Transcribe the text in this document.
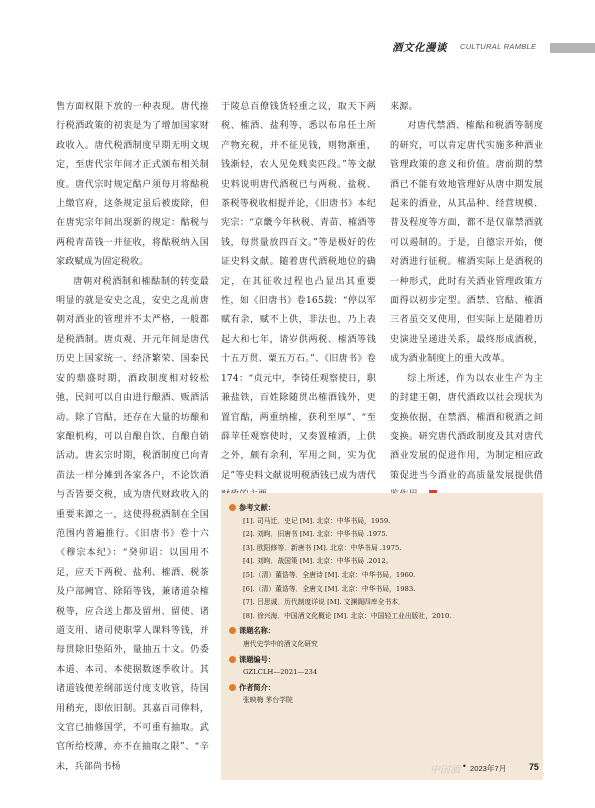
酒文化漫谈 CULTURAL RAMBLE

售方面权限下放的一种表现。唐代推行税酒政策的初衷是为了增加国家财政收入。唐代税酒制度早期无明文规定，至唐代宗年间才正式颁布相关制度。唐代宗时规定酤户须每月将酤税上缴官府，这条规定虽后被废除，但在唐宪宗年间出现新的规定：酤税与两税青苗钱一并征收，将酤税纳入国家政赋成为固定税收。

唐朝对税酒制和榷酤制的转变最明显的就是安史之乱，安史之乱前唐朝对酒业的管理并不太严格，一般都是税酒制。唐贞观、开元年间是唐代历史上国家统一、经济繁荣、国泰民安的鼎盛时期，酒政制度相对较松弛，民间可以自由进行酿酒、贩酒活动。除了官酤，还存在大量的坊酿和家酿机构，可以自酿自饮、自酿自销活动。唐玄宗时期，税酒制度已向青苗法一样分摊到各家各户，不论饮酒与否皆要交税，成为唐代财政收入的重要来源之一，这使得税酒制在全国范围内普遍推行。《旧唐书》卷十六《穆宗本纪》：“癸卯诏：以国用不足，应天下两税、盐利、榷酒、税茶及户部阙官、除陌等钱，兼诸道杂榷税等，应合送上都及留州、留使、诸道支用、诸司使职掌人课料等钱，并每贯除旧垫陌外，量抽五十文。仍委本道、本司、本使据数逐季收计。其诸道钱便差纲部送付度支收管，待国用稍充，即依旧制。其嘉百司俸料，文官已抽修国学，不可重有抽取。武官所给校薄，亦不在抽取之限”、“辛未，兵部尚书杨

于陵总百僚钱货轻重之议，取天下两税、榷酒、盐利等，悉以布帛任土所产物充税，并不征见钱，则物渐重，钱渐轻，农人见免贱卖匹段。”等文献史料说明唐代酒税已与两税、盐税、茶税等税收相提并论，《旧唐书》本纪宪宗：“京畿今年秋税、青苗、榷酒等钱，每贯量放四百文。”等是极好的佐证史料文献。随着唐代酒税地位的确定，在其征收过程也凸显出其重要性，如《旧唐书》卷165载：“停以军赋有余，赋不上供，非法也，乃上表起大和七年，请岁供两税、榷酒等钱十五万贯、粟五万石。”、《旧唐书》卷174：“贞元中，李锜任观察使日，职兼盐铁，百姓除随贯出榷酒钱外，更置官酤，两重纳榷，获利至厚”、“至薛苹任观察使时，又奏置榷酒，上供之外，颇有余利，军用之间，实为优足”等史料文献说明税酒钱已成为唐代

来源。

对唐代禁酒、榷酤和税酒等制度的研究，可以肯定唐代实施多种酒业管理政策的意义和价值。唐前期的禁酒已不能有效地管理好从唐中期发展起来的酒业，从其品种、经营规模、普及程度等方面，都不是仅靠禁酒就可以遏制的。于是，自德宗开始，便对酒进行征税。榷酒实际上是酒税的一种形式，此时有关酒业管理政策方面得以初步定型。酒禁、官酤、榷酒三者虽交叉使用，但实际上是随着历史演进呈递进关系，最终形成酒税，成为酒业制度上的重大改革。

综上所述，作为以农业生产为主的封建王朝，唐代酒政以社会现状为变换依据，在禁酒、榷酒和税酒之间变换。研究唐代酒政制度及其对唐代酒业发展的促进作用，为制定相应政策促进当今酒业的高质量发展提供借

参考文献：
[1]. 司马迁．史记 [M]. 北京：中华书局，1959.
[2]. 刘昫．旧唐书 [M]. 北京：中华书局 .1975.
[3]. 欧阳修等．新唐书 [M]. 北京：中华书局 .1975.
[4]. 刘昫．战国策 [M]. 北京：中华书局 .2012。
[5].（清）董诰等．全唐诗 [M]. 北京：中华书局，1960.
[6].（清）董诰等．全唐文 [M]. 北京：中华书局，1983.
[7]. 吕思诚．历代制度详说 [M]. 文渊阁四库全书本．
[8]. 徐兴海．中国酒文化概论 [M]. 北京：中国轻工业出版社，2010.
课题名称：
唐代史学中的酒文化研究
课题编号：
GZLCLH—2021—234
作者简介：
张映梅 茅台学院
中国酒 • 2023年7月	75
